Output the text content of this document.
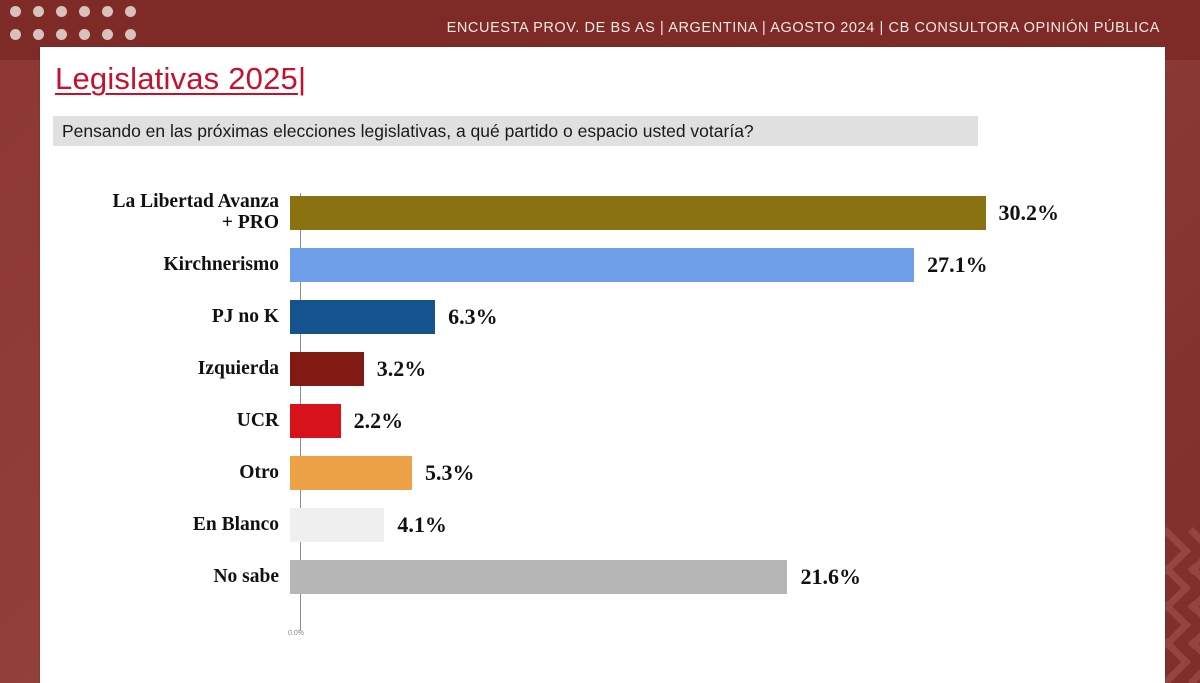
ENCUESTA PROV. DE BS AS | ARGENTINA | AGOSTO 2024 | CB CONSULTORA OPINIÓN PÚBLICA
Legislativas 2025|
Pensando en las próximas elecciones legislativas, a qué partido o espacio usted votaría?
0.0%
La Libertad Avanza
+ PRO	30.2%
Kirchnerismo	27.1%
PJ no K	6.3%
Izquierda	3.2%
UCR	2.2%
Otro	5.3%
En Blanco	4.1%
No sabe	21.6%
